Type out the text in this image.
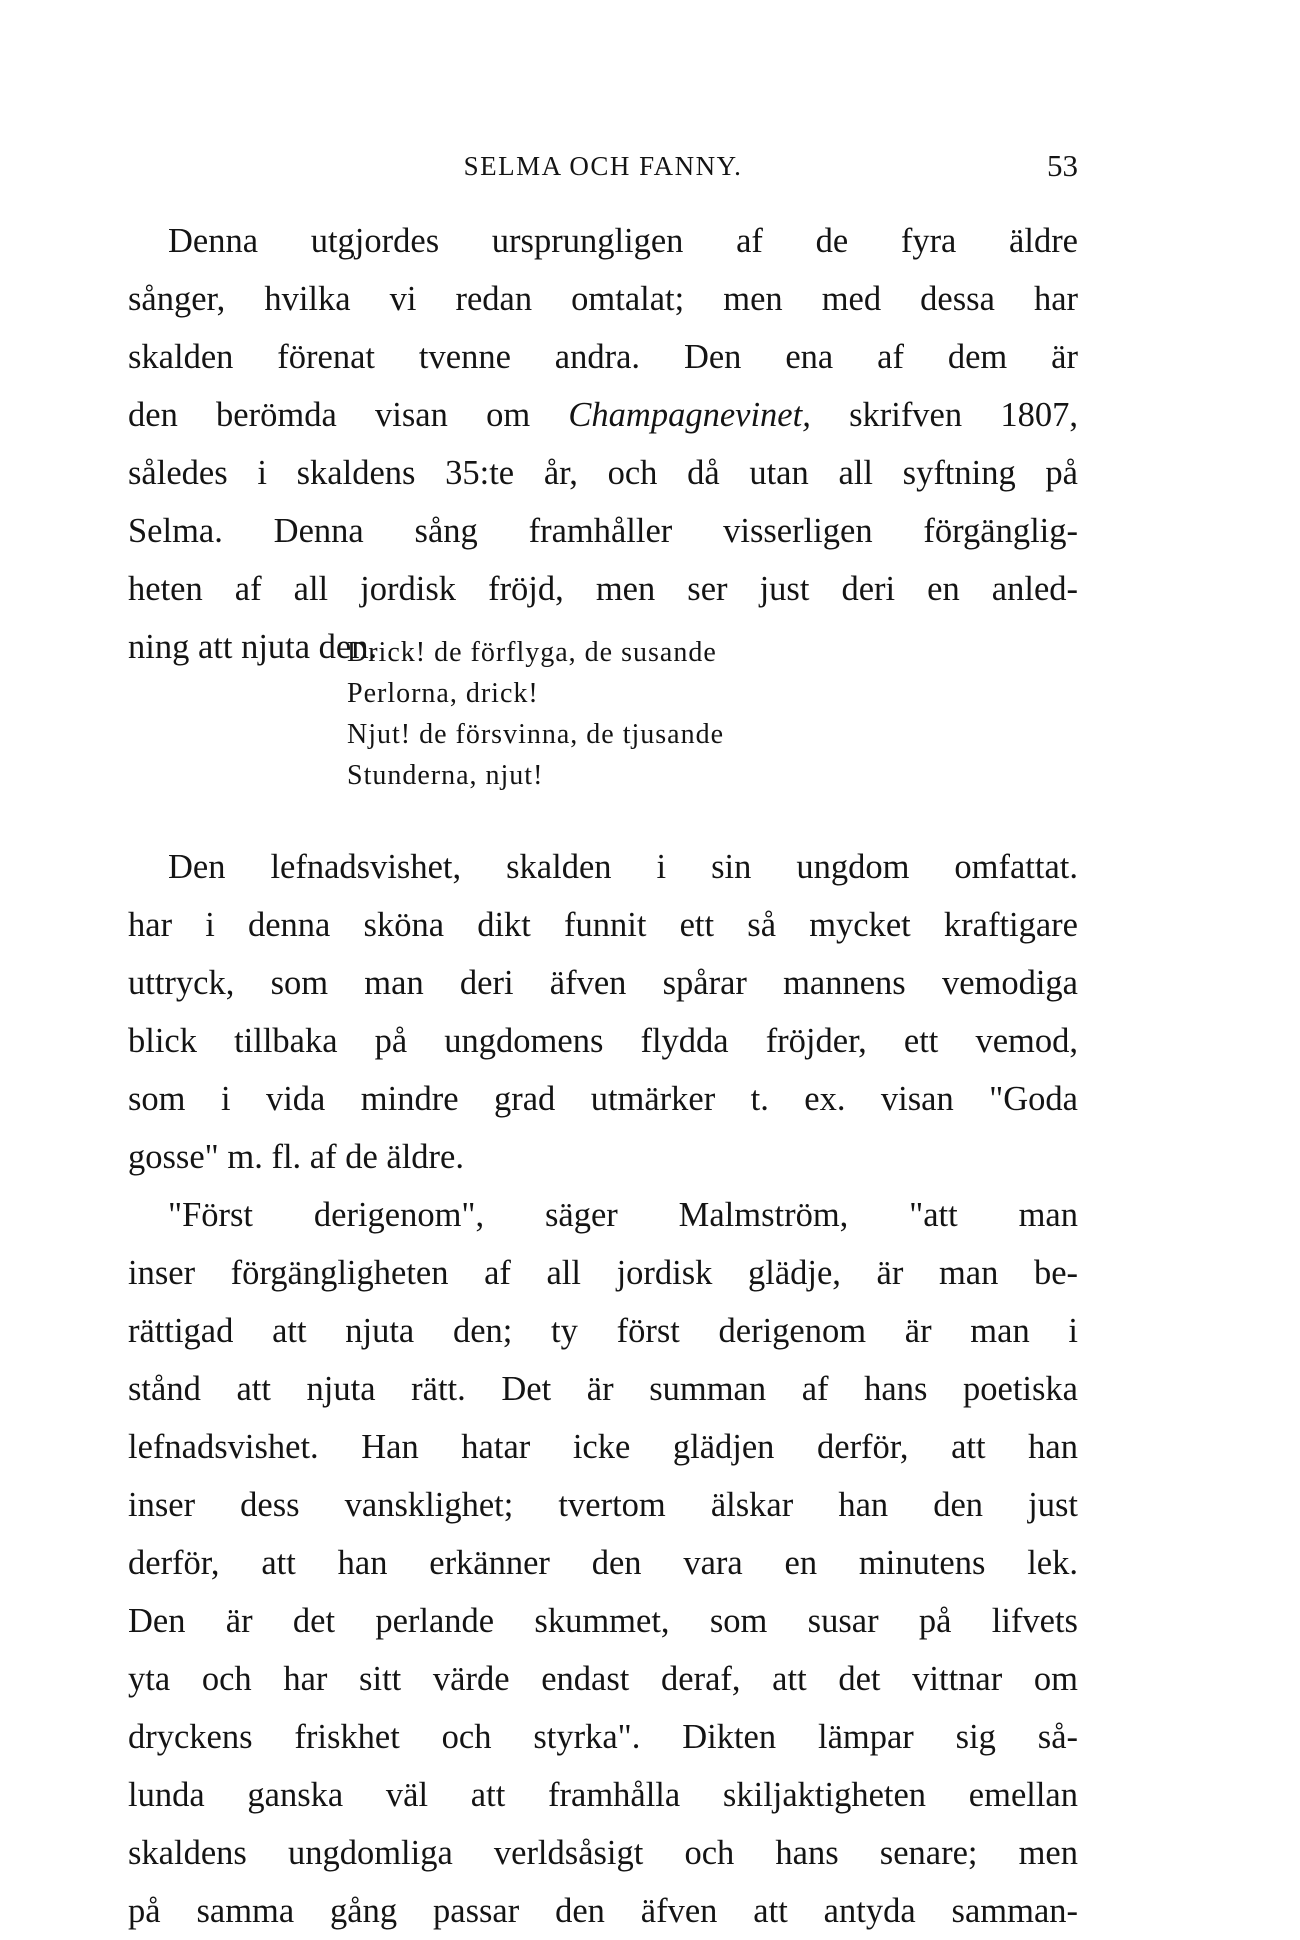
SELMA OCH FANNY.	53
Denna utgjordes ursprungligen af de fyra äldre
sånger, hvilka vi redan omtalat; men med dessa har
skalden förenat tvenne andra. Den ena af dem är
den berömda visan om Champagnevinet, skrifven 1807,
således i skaldens 35:te år, och då utan all syftning på
Selma. Denna sång framhåller visserligen förgänglig-
heten af all jordisk fröjd, men ser just deri en anled-
ning att njuta den.
Drick! de förflyga, de susande
Perlorna, drick!
Njut! de försvinna, de tjusande
Stunderna, njut!
Den lefnadsvishet, skalden i sin ungdom omfattat.
har i denna sköna dikt funnit ett så mycket kraftigare
uttryck, som man deri äfven spårar mannens vemodiga
blick tillbaka på ungdomens flydda fröjder, ett vemod,
som i vida mindre grad utmärker t. ex. visan "Goda
gosse" m. fl. af de äldre.
"Först derigenom", säger Malmström, "att man
inser förgängligheten af all jordisk glädje, är man be-
rättigad att njuta den; ty först derigenom är man i
stånd att njuta rätt. Det är summan af hans poetiska
lefnadsvishet. Han hatar icke glädjen derför, att han
inser dess vansklighet; tvertom älskar han den just
derför, att han erkänner den vara en minutens lek.
Den är det perlande skummet, som susar på lifvets
yta och har sitt värde endast deraf, att det vittnar om
dryckens friskhet och styrka". Dikten lämpar sig så-
lunda ganska väl att framhålla skiljaktigheten emellan
skaldens ungdomliga verldsåsigt och hans senare; men
på samma gång passar den äfven att antyda samman-
